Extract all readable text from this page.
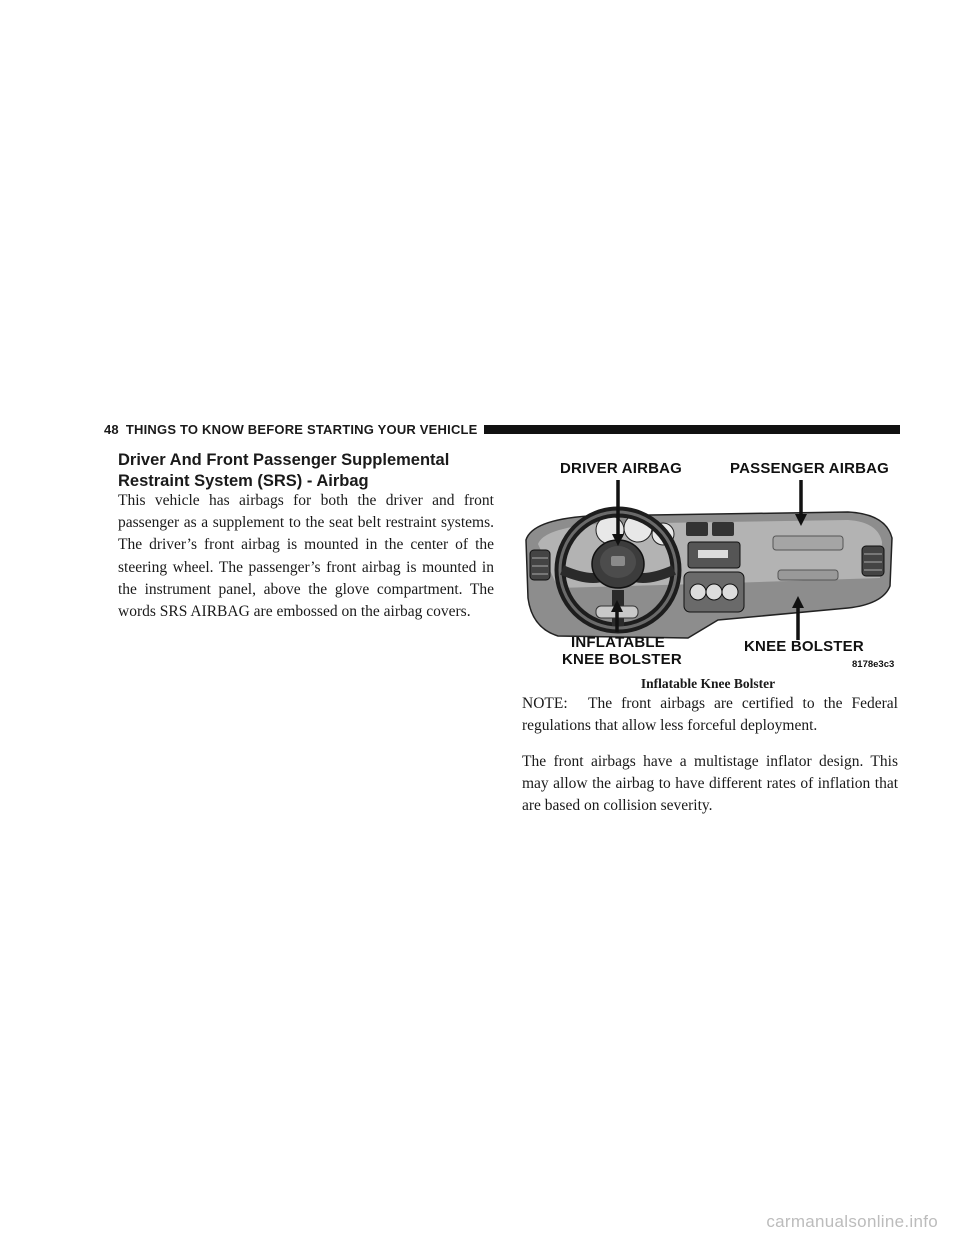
48 THINGS TO KNOW BEFORE STARTING YOUR VEHICLE
Driver And Front Passenger Supplemental
Restraint System (SRS) - Airbag

This vehicle has airbags for both the driver and front passenger as a supplement to the seat belt restraint systems. The driver’s front airbag is mounted in the center of the steering wheel. The passenger’s front airbag is mounted in the instrument panel, above the glove compartment. The words SRS AIRBAG are embossed on the airbag covers.

DRIVER AIRBAG	PASSENGER AIRBAG
INFLATABLE
KNEE BOLSTER
KNEE BOLSTER
8178e3c3

Inflatable Knee Bolster

NOTE: The front airbags are certified to the Federal regulations that allow less forceful deployment.

The front airbags have a multistage inflator design. This may allow the airbag to have different rates of inflation that are based on collision severity.

carmanualsonline.info
